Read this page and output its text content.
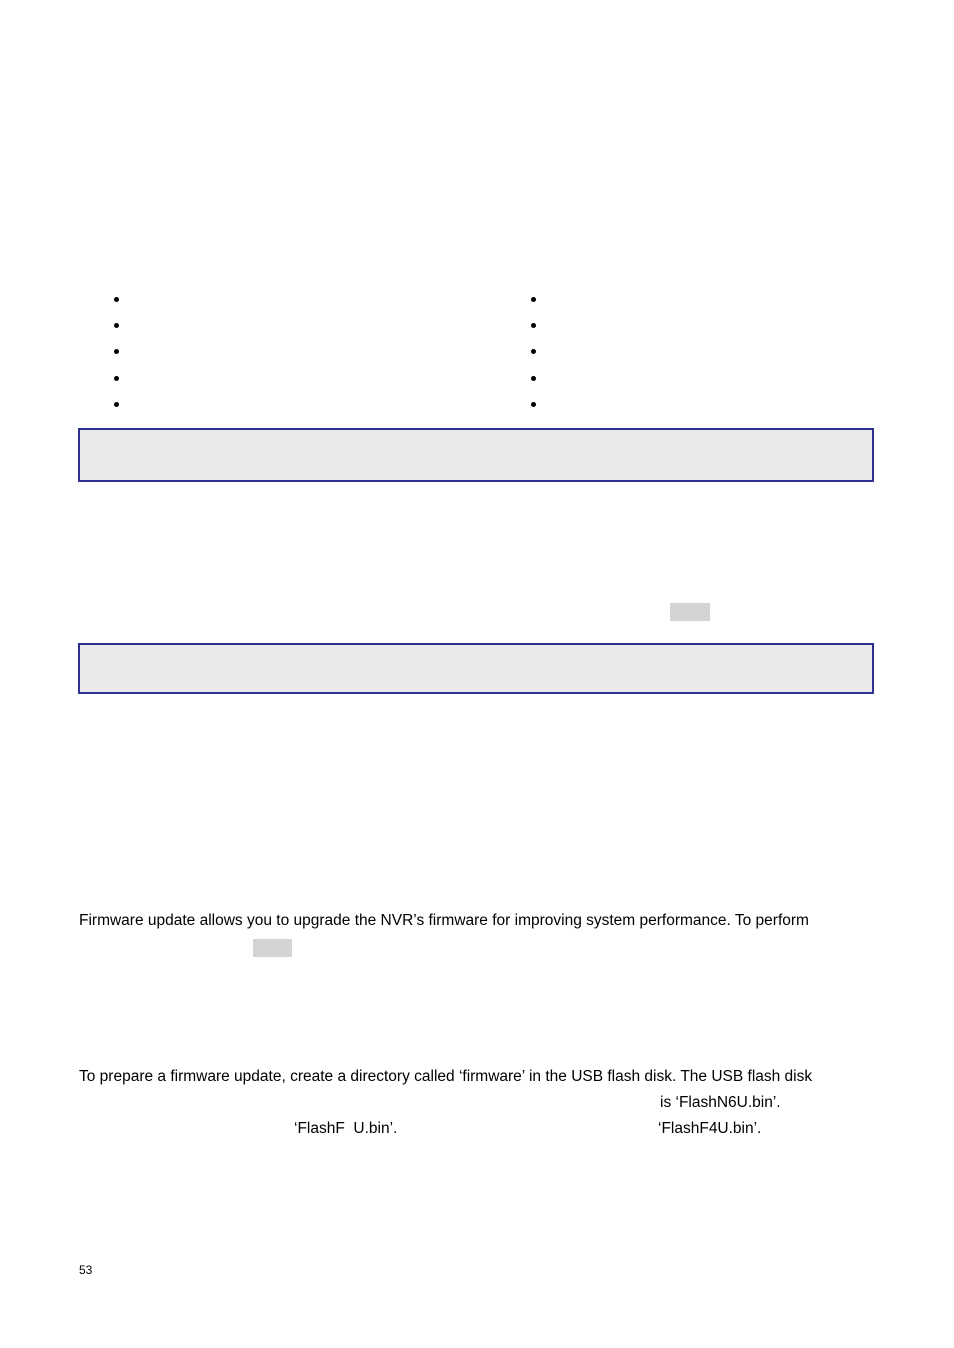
Firmware update allows you to upgrade the NVR’s firmware for improving system performance. To perform
To prepare a firmware update, create a directory called ‘firmware’ in the USB flash disk. The USB flash disk
is ‘FlashN6U.bin’.
‘FlashF  U.bin’.	‘FlashF4U.bin’.
53
